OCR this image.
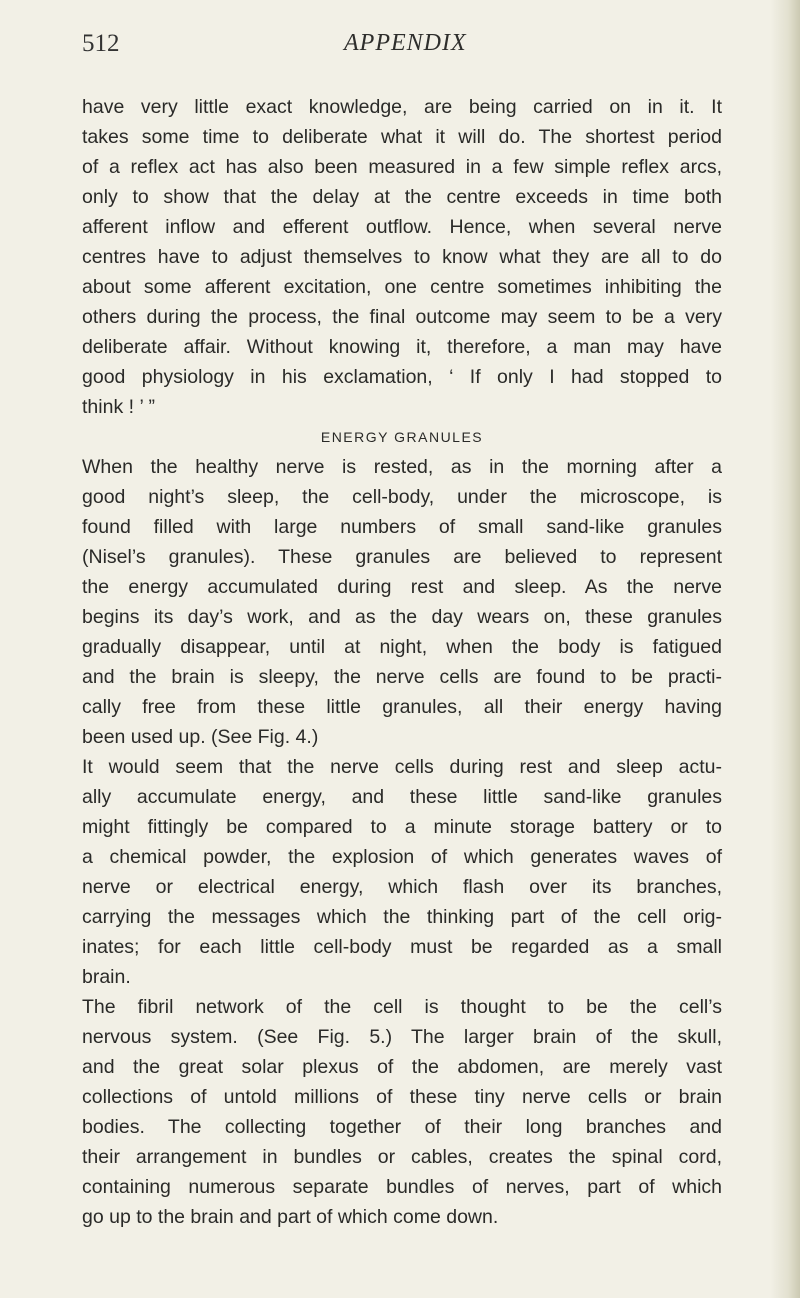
512	APPENDIX
have very little exact knowledge, are being carried on in it. It
takes some time to deliberate what it will do. The shortest period
of a reflex act has also been measured in a few simple reflex arcs,
only to show that the delay at the centre exceeds in time both
afferent inflow and efferent outflow. Hence, when several nerve
centres have to adjust themselves to know what they are all to do
about some afferent excitation, one centre sometimes inhibiting the
others during the process, the final outcome may seem to be a very
deliberate affair. Without knowing it, therefore, a man may have
good physiology in his exclamation, ‘ If only I had stopped to
think ! ’ ”
ENERGY GRANULES
When the healthy nerve is rested, as in the morning after a
good night’s sleep, the cell-body, under the microscope, is
found filled with large numbers of small sand-like granules
(Nisel’s granules). These granules are believed to represent
the energy accumulated during rest and sleep. As the nerve
begins its day’s work, and as the day wears on, these granules
gradually disappear, until at night, when the body is fatigued
and the brain is sleepy, the nerve cells are found to be practi-
cally free from these little granules, all their energy having
been used up. (See Fig. 4.)
It would seem that the nerve cells during rest and sleep actu-
ally accumulate energy, and these little sand-like granules
might fittingly be compared to a minute storage battery or to
a chemical powder, the explosion of which generates waves of
nerve or electrical energy, which flash over its branches,
carrying the messages which the thinking part of the cell orig-
inates; for each little cell-body must be regarded as a small
brain.
The fibril network of the cell is thought to be the cell’s
nervous system. (See Fig. 5.) The larger brain of the skull,
and the great solar plexus of the abdomen, are merely vast
collections of untold millions of these tiny nerve cells or brain
bodies. The collecting together of their long branches and
their arrangement in bundles or cables, creates the spinal cord,
containing numerous separate bundles of nerves, part of which
go up to the brain and part of which come down.
